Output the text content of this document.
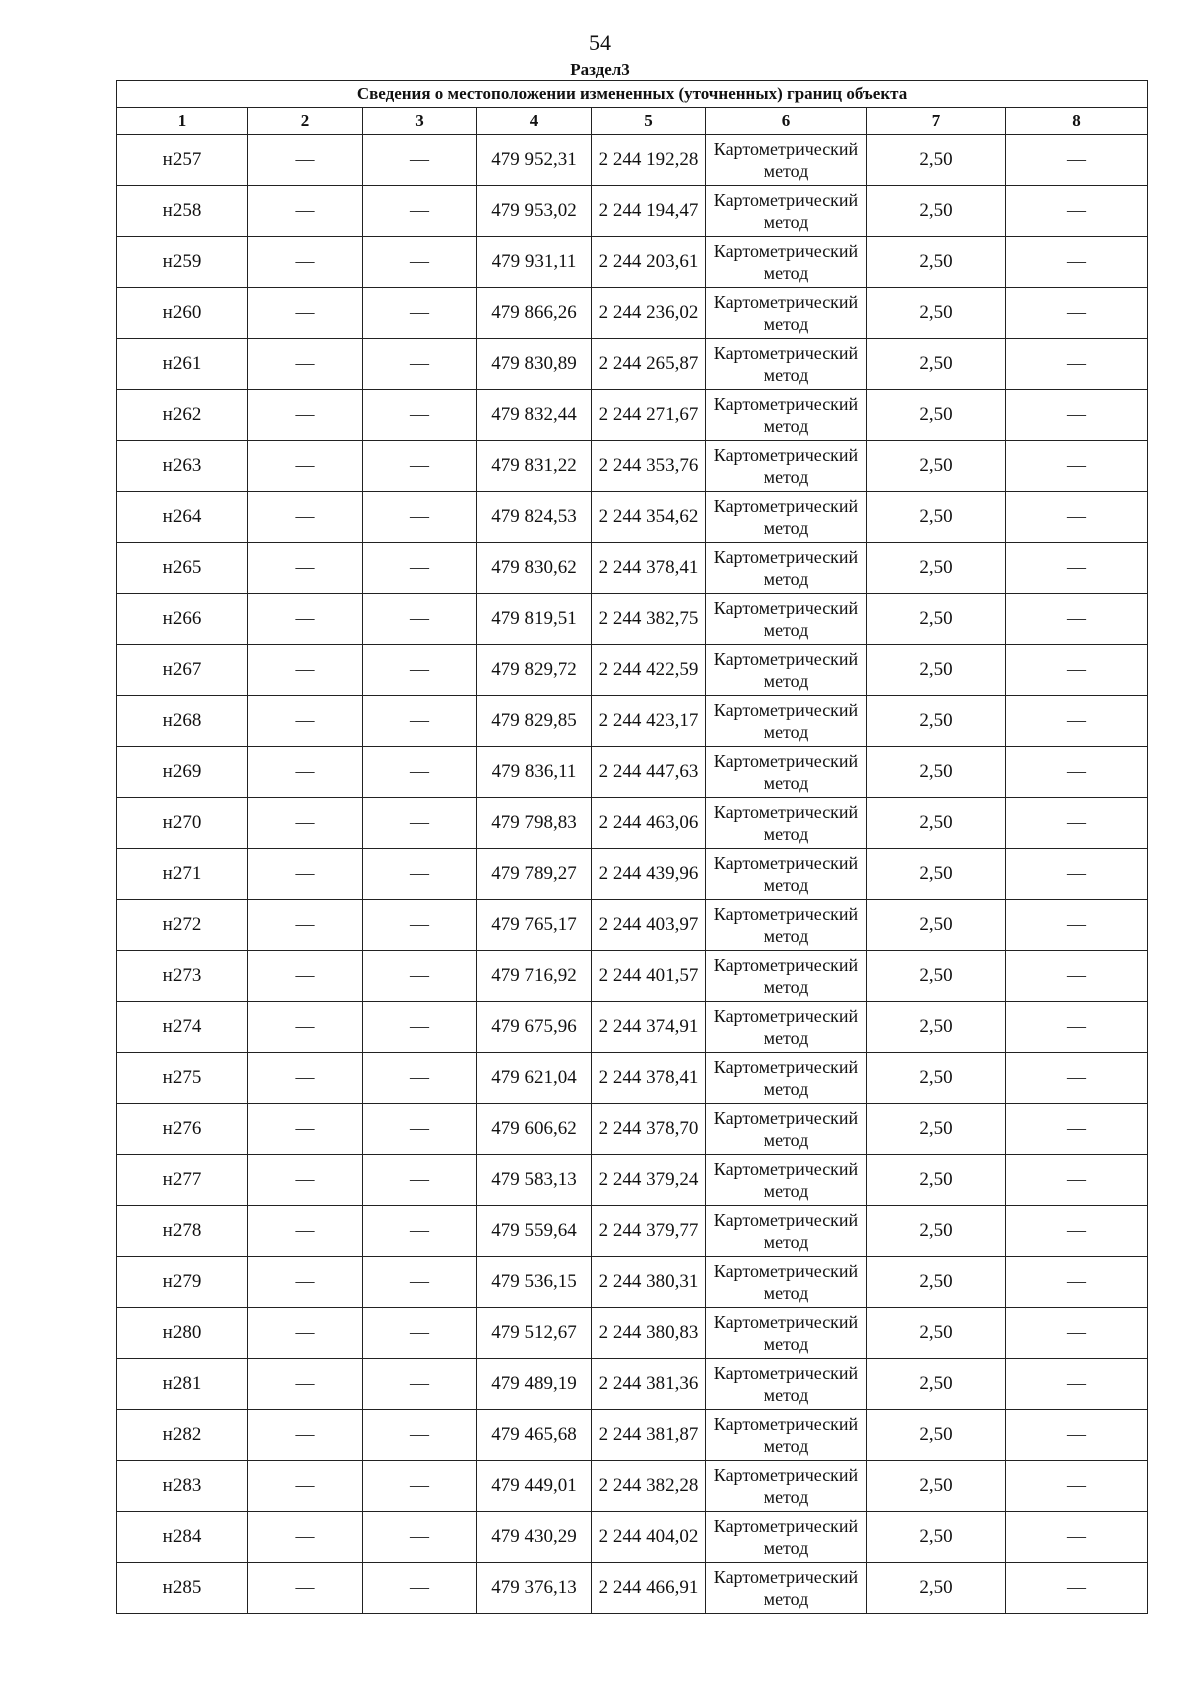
54
Раздел3
Сведения о местоположении измененных (уточненных) границ объекта							
1	2	3	4	5	6	7	8
н257	—	—	479 952,31	2 244 192,28	Картометрический метод	2,50	—
н258	—	—	479 953,02	2 244 194,47	Картометрический метод	2,50	—
н259	—	—	479 931,11	2 244 203,61	Картометрический метод	2,50	—
н260	—	—	479 866,26	2 244 236,02	Картометрический метод	2,50	—
н261	—	—	479 830,89	2 244 265,87	Картометрический метод	2,50	—
н262	—	—	479 832,44	2 244 271,67	Картометрический метод	2,50	—
н263	—	—	479 831,22	2 244 353,76	Картометрический метод	2,50	—
н264	—	—	479 824,53	2 244 354,62	Картометрический метод	2,50	—
н265	—	—	479 830,62	2 244 378,41	Картометрический метод	2,50	—
н266	—	—	479 819,51	2 244 382,75	Картометрический метод	2,50	—
н267	—	—	479 829,72	2 244 422,59	Картометрический метод	2,50	—
н268	—	—	479 829,85	2 244 423,17	Картометрический метод	2,50	—
н269	—	—	479 836,11	2 244 447,63	Картометрический метод	2,50	—
н270	—	—	479 798,83	2 244 463,06	Картометрический метод	2,50	—
н271	—	—	479 789,27	2 244 439,96	Картометрический метод	2,50	—
н272	—	—	479 765,17	2 244 403,97	Картометрический метод	2,50	—
н273	—	—	479 716,92	2 244 401,57	Картометрический метод	2,50	—
н274	—	—	479 675,96	2 244 374,91	Картометрический метод	2,50	—
н275	—	—	479 621,04	2 244 378,41	Картометрический метод	2,50	—
н276	—	—	479 606,62	2 244 378,70	Картометрический метод	2,50	—
н277	—	—	479 583,13	2 244 379,24	Картометрический метод	2,50	—
н278	—	—	479 559,64	2 244 379,77	Картометрический метод	2,50	—
н279	—	—	479 536,15	2 244 380,31	Картометрический метод	2,50	—
н280	—	—	479 512,67	2 244 380,83	Картометрический метод	2,50	—
н281	—	—	479 489,19	2 244 381,36	Картометрический метод	2,50	—
н282	—	—	479 465,68	2 244 381,87	Картометрический метод	2,50	—
н283	—	—	479 449,01	2 244 382,28	Картометрический метод	2,50	—
н284	—	—	479 430,29	2 244 404,02	Картометрический метод	2,50	—
н285	—	—	479 376,13	2 244 466,91	Картометрический метод	2,50	—
